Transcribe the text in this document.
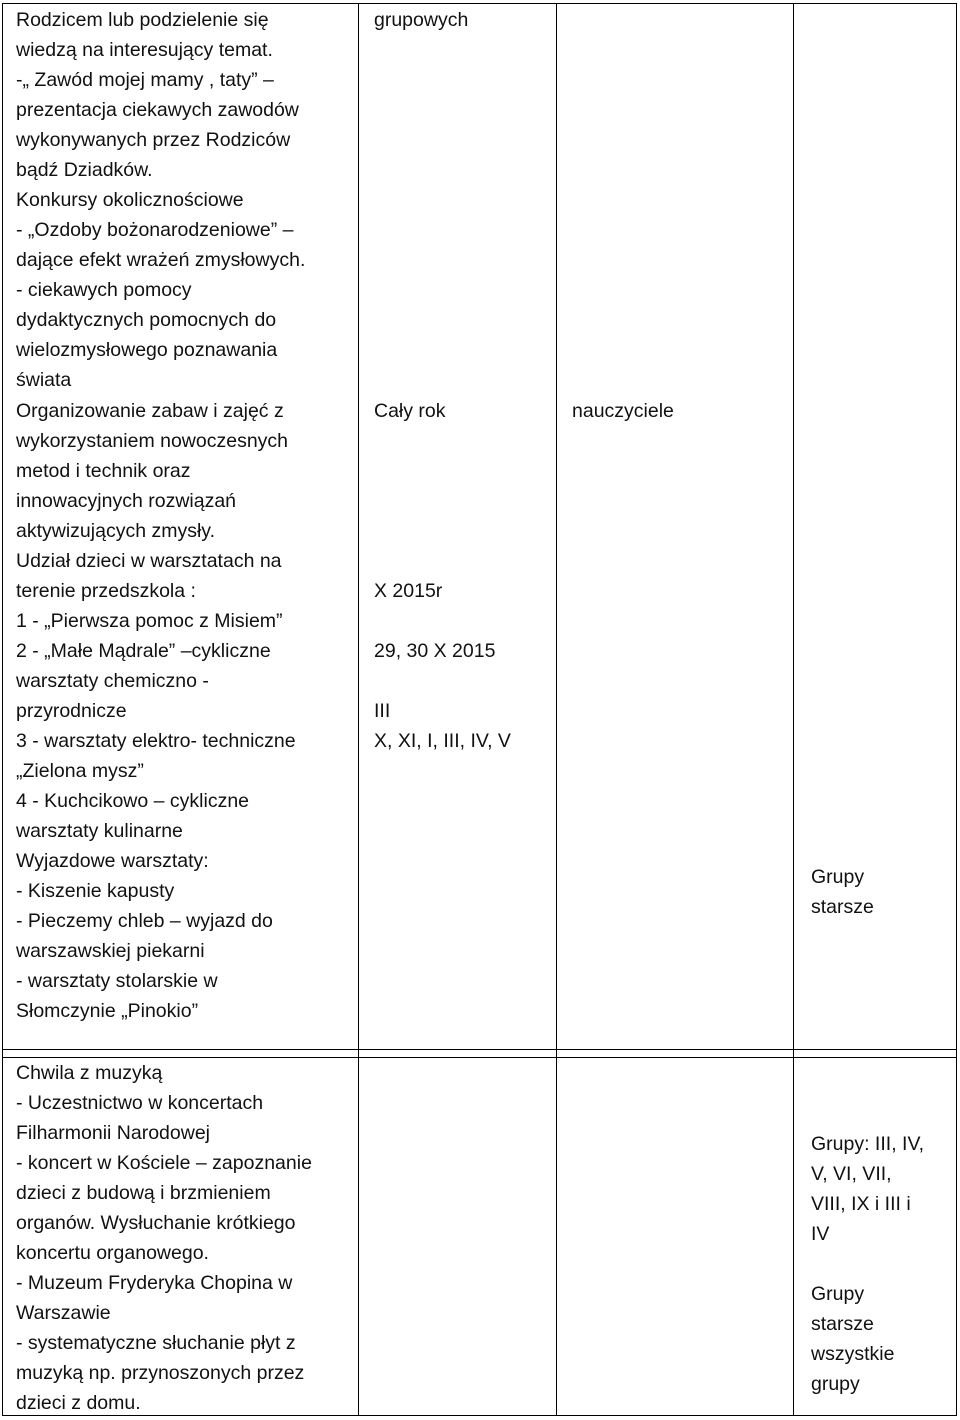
Rodzicem lub podzielenie się
wiedzą na interesujący temat.
-„ Zawód mojej mamy , taty” –
prezentacja ciekawych zawodów
wykonywanych przez Rodziców
bądź Dziadków.
Konkursy okolicznościowe
- „Ozdoby bożonarodzeniowe” –
dające efekt wrażeń zmysłowych.
- ciekawych pomocy
dydaktycznych pomocnych do
wielozmysłowego poznawania
świata
grupowych
Organizowanie zabaw i zajęć z
wykorzystaniem nowoczesnych
metod i technik oraz
innowacyjnych rozwiązań
aktywizujących zmysły.
Cały rok	nauczyciele
Udział dzieci w warsztatach na
terenie przedszkola :
1 - „Pierwsza pomoc z Misiem”
2 - „Małe Mądrale” –cykliczne
warsztaty chemiczno -
przyrodnicze
3 - warsztaty elektro- techniczne
„Zielona mysz”
4 - Kuchcikowo – cykliczne
warsztaty kulinarne
Wyjazdowe warsztaty:
- Kiszenie kapusty
- Pieczemy chleb – wyjazd do
warszawskiej piekarni
- warsztaty stolarskie w
Słomczynie „Pinokio”
X 2015r
29, 30 X 2015
III
X, XI, I, III, IV, V
Grupy
starsze
Chwila z muzyką
- Uczestnictwo w koncertach
Filharmonii Narodowej
- koncert w Kościele – zapoznanie
dzieci z budową i brzmieniem
organów. Wysłuchanie krótkiego
koncertu organowego.
- Muzeum Fryderyka Chopina w
Warszawie
- systematyczne słuchanie płyt z
muzyką np. przynoszonych przez
dzieci z domu.
Grupy: III, IV,
V, VI, VII,
VIII, IX i III i
IV
Grupy
starsze
wszystkie
grupy
